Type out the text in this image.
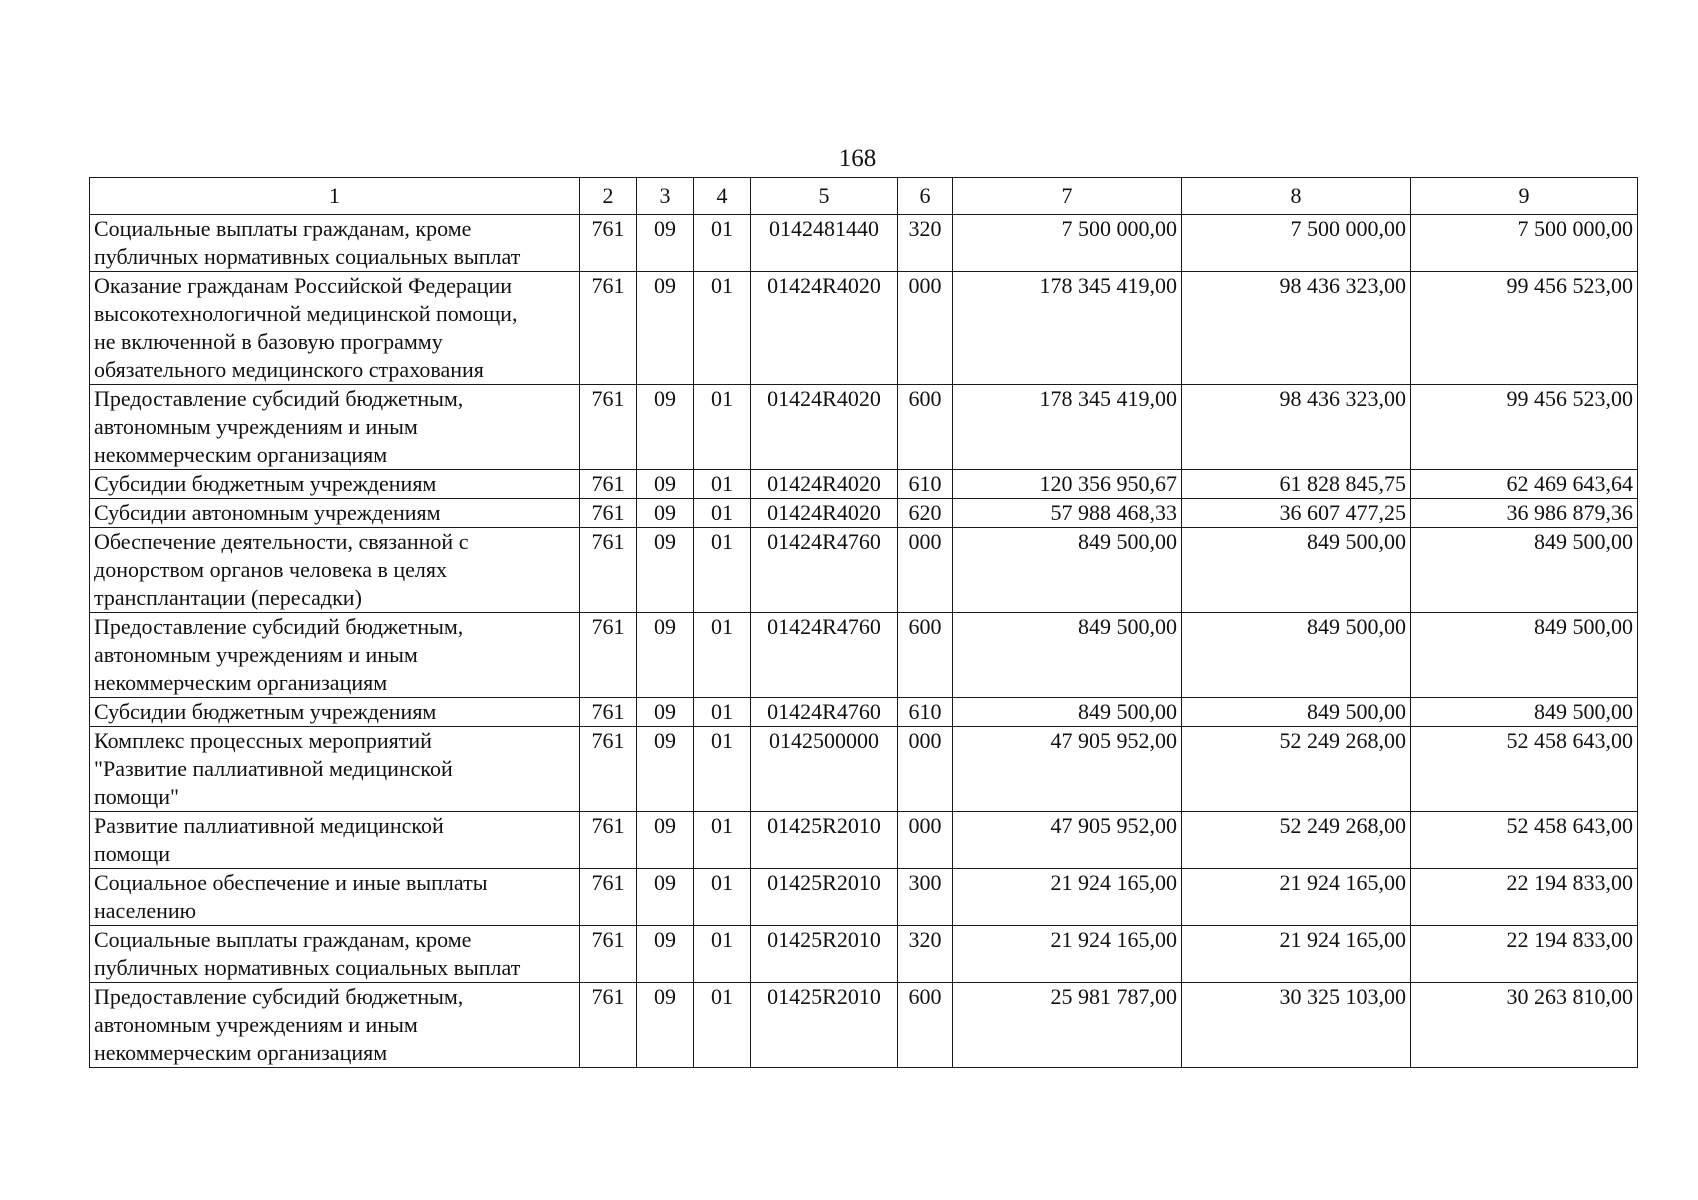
168
1	2	3	4	5	6	7	8	9

Социальные выплаты гражданам, кроме
публичных нормативных социальных выплат	761	09	01	0142481440	320	7 500 000,00	7 500 000,00	7 500 000,00

Оказание гражданам Российской Федерации
высокотехнологичной медицинской помощи,
не включенной в базовую программу
обязательного медицинского страхования	761	09	01	01424R4020	000	178 345 419,00	98 436 323,00	99 456 523,00

Предоставление субсидий бюджетным,
автономным учреждениям и иным
некоммерческим организациям	761	09	01	01424R4020	600	178 345 419,00	98 436 323,00	99 456 523,00

Субсидии бюджетным учреждениям	761	09	01	01424R4020	610	120 356 950,67	61 828 845,75	62 469 643,64

Субсидии автономным учреждениям	761	09	01	01424R4020	620	57 988 468,33	36 607 477,25	36 986 879,36

Обеспечение деятельности, связанной с
донорством органов человека в целях
трансплантации (пересадки)	761	09	01	01424R4760	000	849 500,00	849 500,00	849 500,00

Предоставление субсидий бюджетным,
автономным учреждениям и иным
некоммерческим организациям	761	09	01	01424R4760	600	849 500,00	849 500,00	849 500,00

Субсидии бюджетным учреждениям	761	09	01	01424R4760	610	849 500,00	849 500,00	849 500,00

Комплекс процессных мероприятий
"Развитие паллиативной медицинской
помощи"	761	09	01	0142500000	000	47 905 952,00	52 249 268,00	52 458 643,00

Развитие паллиативной медицинской
помощи	761	09	01	01425R2010	000	47 905 952,00	52 249 268,00	52 458 643,00

Социальное обеспечение и иные выплаты
населению	761	09	01	01425R2010	300	21 924 165,00	21 924 165,00	22 194 833,00

Социальные выплаты гражданам, кроме
публичных нормативных социальных выплат	761	09	01	01425R2010	320	21 924 165,00	21 924 165,00	22 194 833,00

Предоставление субсидий бюджетным,
автономным учреждениям и иным
некоммерческим организациям	761	09	01	01425R2010	600	25 981 787,00	30 325 103,00	30 263 810,00
